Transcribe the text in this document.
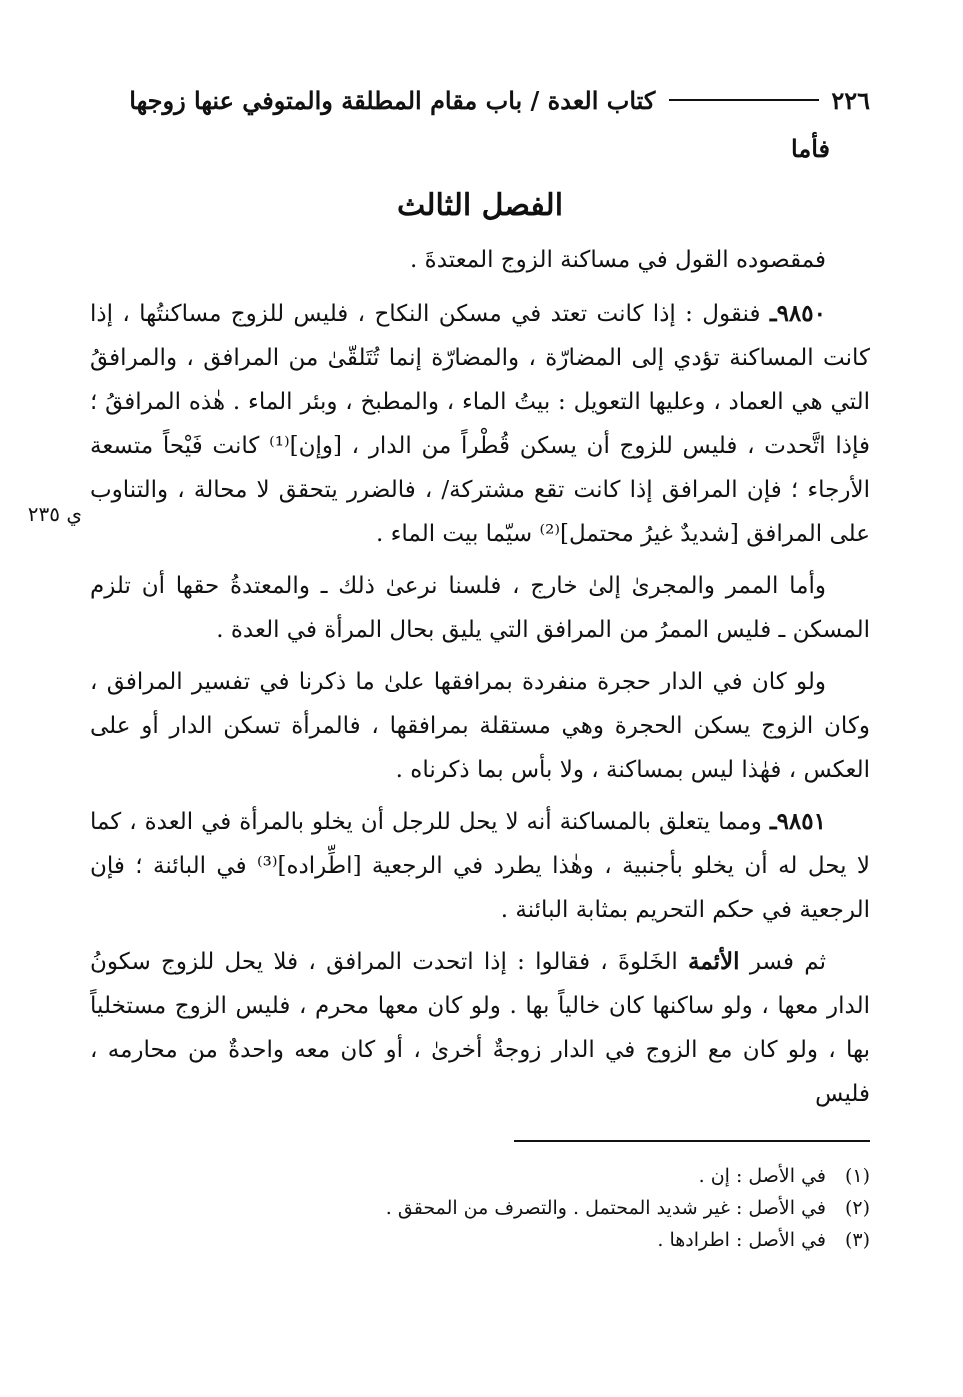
٢٢٦
كتاب العدة / باب مقام المطلقة والمتوفي عنها زوجها
فأما
الفصل الثالث
ي ٢٣٥

فمقصوده القول في مساكنة الزوج المعتدةَ .

٩٨٥٠ـ فنقول : إذا كانت تعتد في مسكن النكاح ، فليس للزوج مساكنتُها ، إذا كانت المساكنة تؤدي إلى المضارّة ، والمضارّة إنما تُتَلقّىٰ من المرافق ، والمرافقُ التي هي العماد ، وعليها التعويل : بيتُ الماء ، والمطبخ ، وبئر الماء . هٰذه المرافقُ ؛ فإذا اتَّحدت ، فليس للزوج أن يسكن قُطْراً من الدار ، [وإن]⁽¹⁾ كانت فَيْحاً متسعة الأرجاء ؛ فإن المرافق إذا كانت تقع مشتركة/ ، فالضرر يتحقق لا محالة ، والتناوب على المرافق [شديدٌ غيرُ محتمل]⁽²⁾ سيّما بيت الماء .

وأما الممر والمجرىٰ إلىٰ خارج ، فلسنا نرعىٰ ذلك ـ والمعتدةُ حقها أن تلزم المسكن ـ فليس الممرُ من المرافق التي يليق بحال المرأة في العدة .

ولو كان في الدار حجرة منفردة بمرافقها علىٰ ما ذكرنا في تفسير المرافق ، وكان الزوج يسكن الحجرة وهي مستقلة بمرافقها ، فالمرأة تسكن الدار أو على العكس ، فهٰذا ليس بمساكنة ، ولا بأس بما ذكرناه .

٩٨٥١ـ ومما يتعلق بالمساكنة أنه لا يحل للرجل أن يخلو بالمرأة في العدة ، كما لا يحل له أن يخلو بأجنبية ، وهٰذا يطرد في الرجعية [اطِّراده]⁽³⁾ في البائنة ؛ فإن الرجعية في حكم التحريم بمثابة البائنة .

ثم فسر الأئمة الخَلوةَ ، فقالوا : إذا اتحدت المرافق ، فلا يحل للزوج سكونُ الدار معها ، ولو ساكنها كان خالياً بها . ولو كان معها محرم ، فليس الزوج مستخلياً بها ، ولو كان مع الزوج في الدار زوجةٌ أخرىٰ ، أو كان معه واحدةٌ من محارمه ، فليس

(١)
في الأصل : إن .
(٢)
في الأصل : غير شديد المحتمل . والتصرف من المحقق .
(٣)
في الأصل : اطرادها .
